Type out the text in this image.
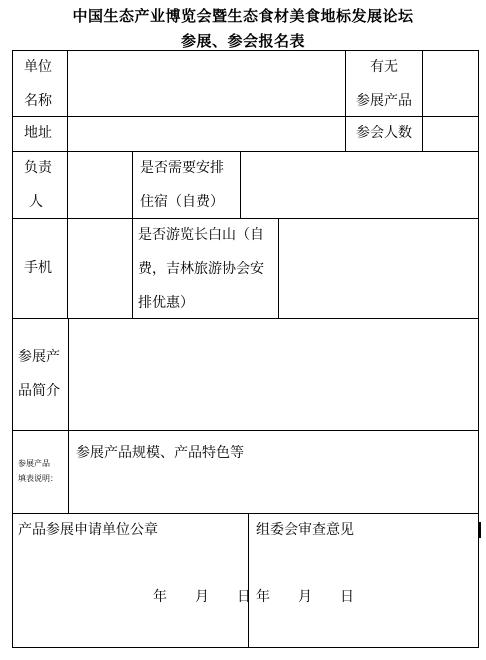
中国生态产业博览会暨生态食材美食地标发展论坛
参展、参会报名表
单位
名称
有无
参展产品
地址	参会人数
负责
人
是否需要安排
住宿（自费）
手机
是否游览长白山（自
费，吉林旅游协会安
排优惠）
参展产
品简介
参展产品
填表说明：
参展产品规模、产品特色等
产品参展申请单位公章
年　　月　　日
组委会审查意见
年　　月　　日
